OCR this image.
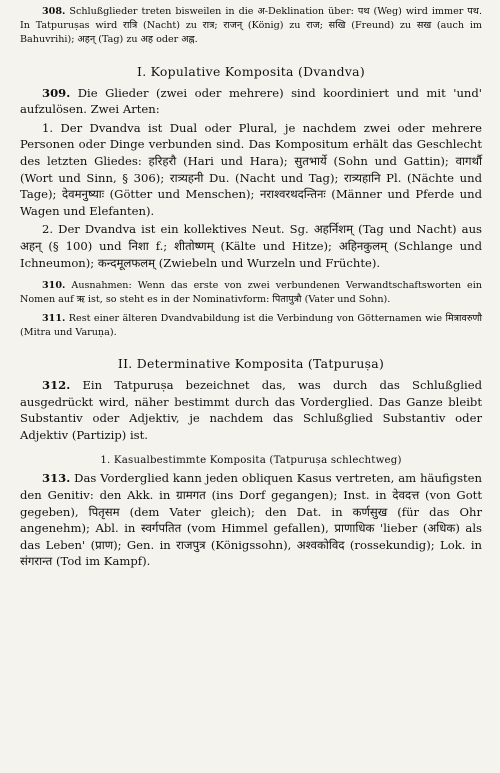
308. Schlußglieder treten bisweilen in die अ-Deklination über: पथ (Weg) wird immer पथ. In Tatpuruṣas wird रात्रि (Nacht) zu रात्र; राजन् (König) zu राज; सखि (Freund) zu सख (auch im Bahuvrihi); अहन् (Tag) zu अह oder अह्न.

I. Kopulative Komposita (Dvandva)

309. Die Glieder (zwei oder mehrere) sind koordiniert und mit 'und' aufzulösen. Zwei Arten:

1. Der Dvandva ist Dual oder Plural, je nachdem zwei oder mehrere Personen oder Dinge verbunden sind. Das Kompositum erhält das Geschlecht des letzten Gliedes: हरिहरौ (Hari und Hara); सुतभार्ये (Sohn und Gattin); वागर्थौ (Wort und Sinn, § 306); रात्र्यहनी Du. (Nacht und Tag); रात्र्यहानि Pl. (Nächte und Tage); देवमनुष्याः (Götter und Menschen); नराश्वरथदन्तिनः (Männer und Pferde und Wagen und Elefanten).

2. Der Dvandva ist ein kollektives Neut. Sg. अहर्निशम् (Tag und Nacht) aus अहन् (§ 100) und निशा f.; शीतोष्णम् (Kälte und Hitze); अहिनकुलम् (Schlange und Ichneumon); कन्दमूलफलम् (Zwiebeln und Wurzeln und Früchte).

310. Ausnahmen: Wenn das erste von zwei verbundenen Verwandtschaftsworten ein Nomen auf ऋ ist, so steht es in der Nominativform: पितापुत्रौ (Vater und Sohn).

311. Rest einer älteren Dvandvabildung ist die Verbindung von Götternamen wie मित्रावरुणौ (Mitra und Varuṇa).

II. Determinative Komposita (Tatpuruṣa)

312. Ein Tatpuruṣa bezeichnet das, was durch das Schlußglied ausgedrückt wird, näher bestimmt durch das Vorderglied. Das Ganze bleibt Substantiv oder Adjektiv, je nachdem das Schlußglied Substantiv oder Adjektiv (Partizip) ist.

1. Kasualbestimmte Komposita (Tatpuruṣa schlechtweg)

313. Das Vorderglied kann jeden obliquen Kasus vertreten, am häufigsten den Genitiv: den Akk. in ग्रामगत (ins Dorf gegangen); Inst. in देवदत्त (von Gott gegeben), पितृसम (dem Vater gleich); den Dat. in कर्णसुख (für das Ohr angenehm); Abl. in स्वर्गपतित (vom Himmel gefallen), प्राणाधिक 'lieber (अधिक) als das Leben' (प्राण); Gen. in राजपुत्र (Königssohn), अश्वकोविद (rossekundig); Lok. in संगरान्त (Tod im Kampf).
